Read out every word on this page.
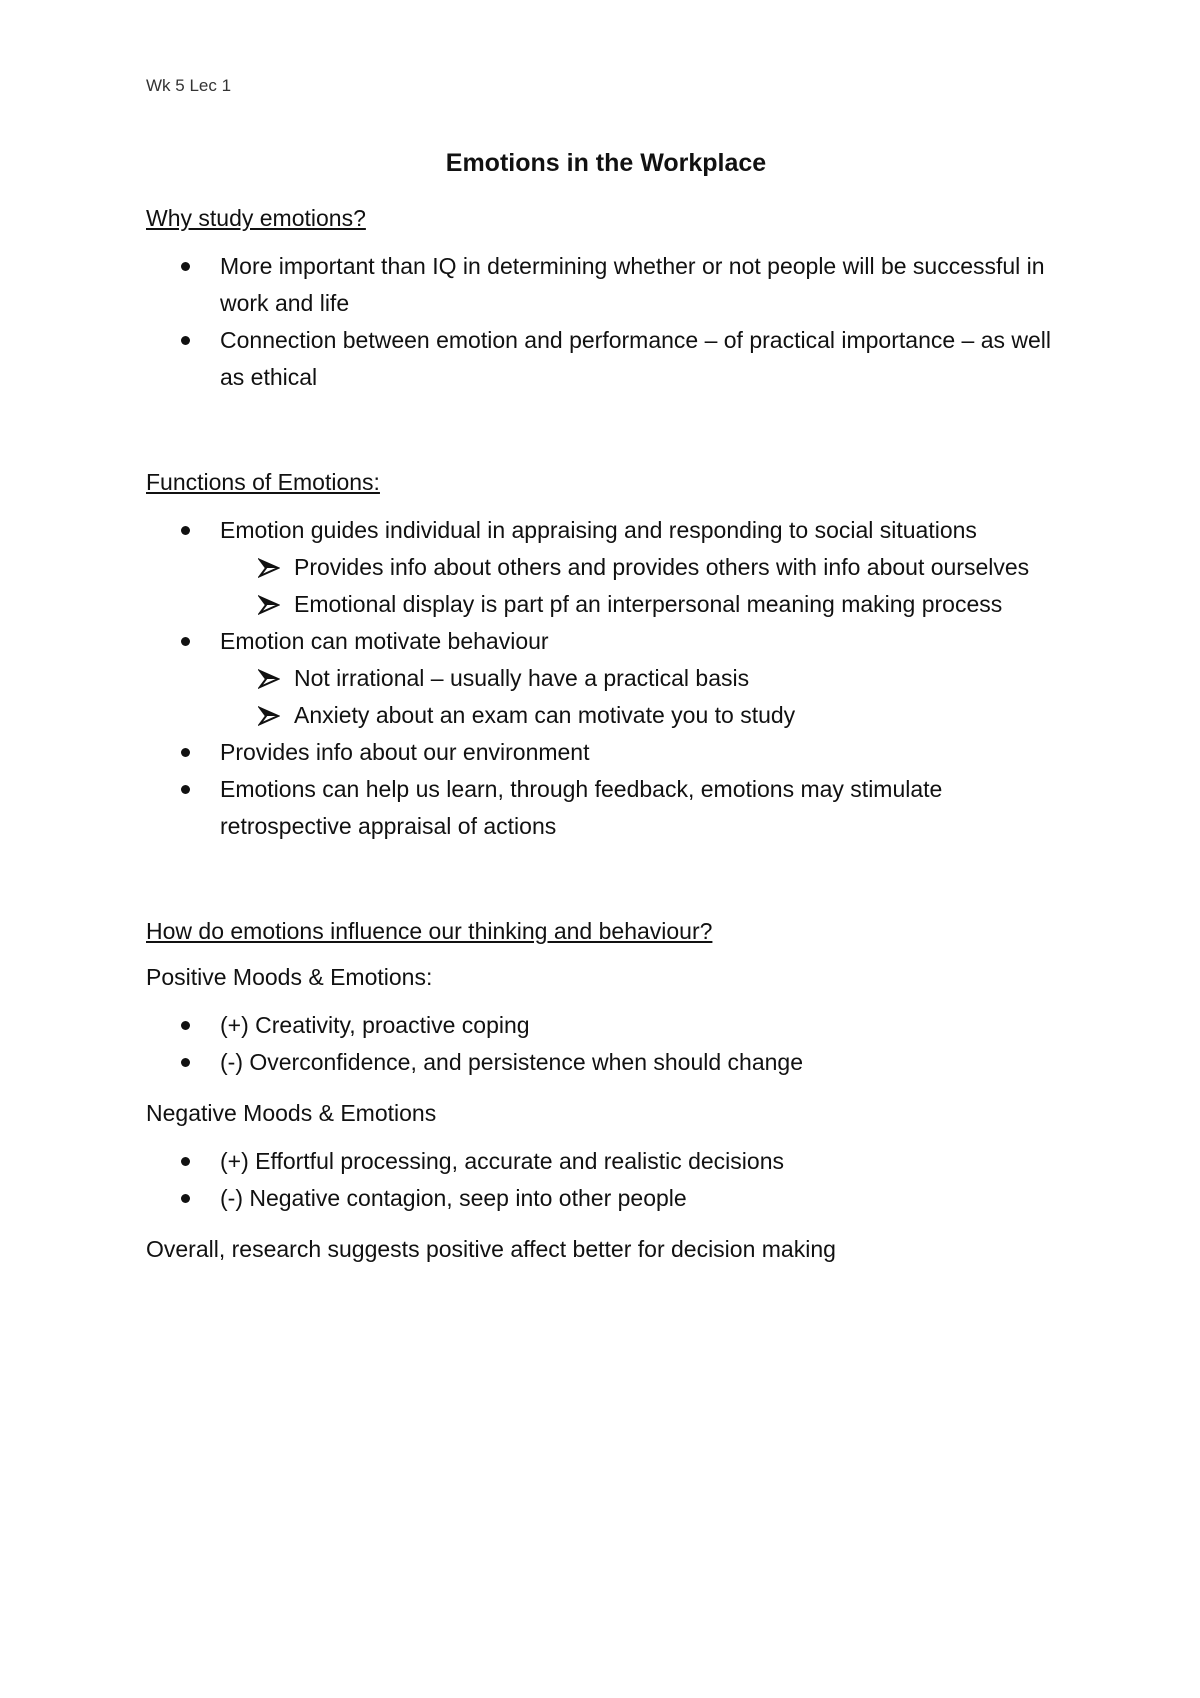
Wk 5 Lec 1
Emotions in the Workplace
Why study emotions?
More important than IQ in determining whether or not people will be successful in work and life
Connection between emotion and performance – of practical importance – as well as ethical
Functions of Emotions:
Emotion guides individual in appraising and responding to social situations
Provides info about others and provides others with info about ourselves
Emotional display is part pf an interpersonal meaning making process
Emotion can motivate behaviour
Not irrational – usually have a practical basis
Anxiety about an exam can motivate you to study
Provides info about our environment
Emotions can help us learn, through feedback, emotions may stimulate retrospective appraisal of actions
How do emotions influence our thinking and behaviour?
Positive Moods & Emotions:
(+) Creativity, proactive coping
(-) Overconfidence, and persistence when should change
Negative Moods & Emotions
(+) Effortful processing, accurate and realistic decisions
(-) Negative contagion, seep into other people
Overall, research suggests positive affect better for decision making
